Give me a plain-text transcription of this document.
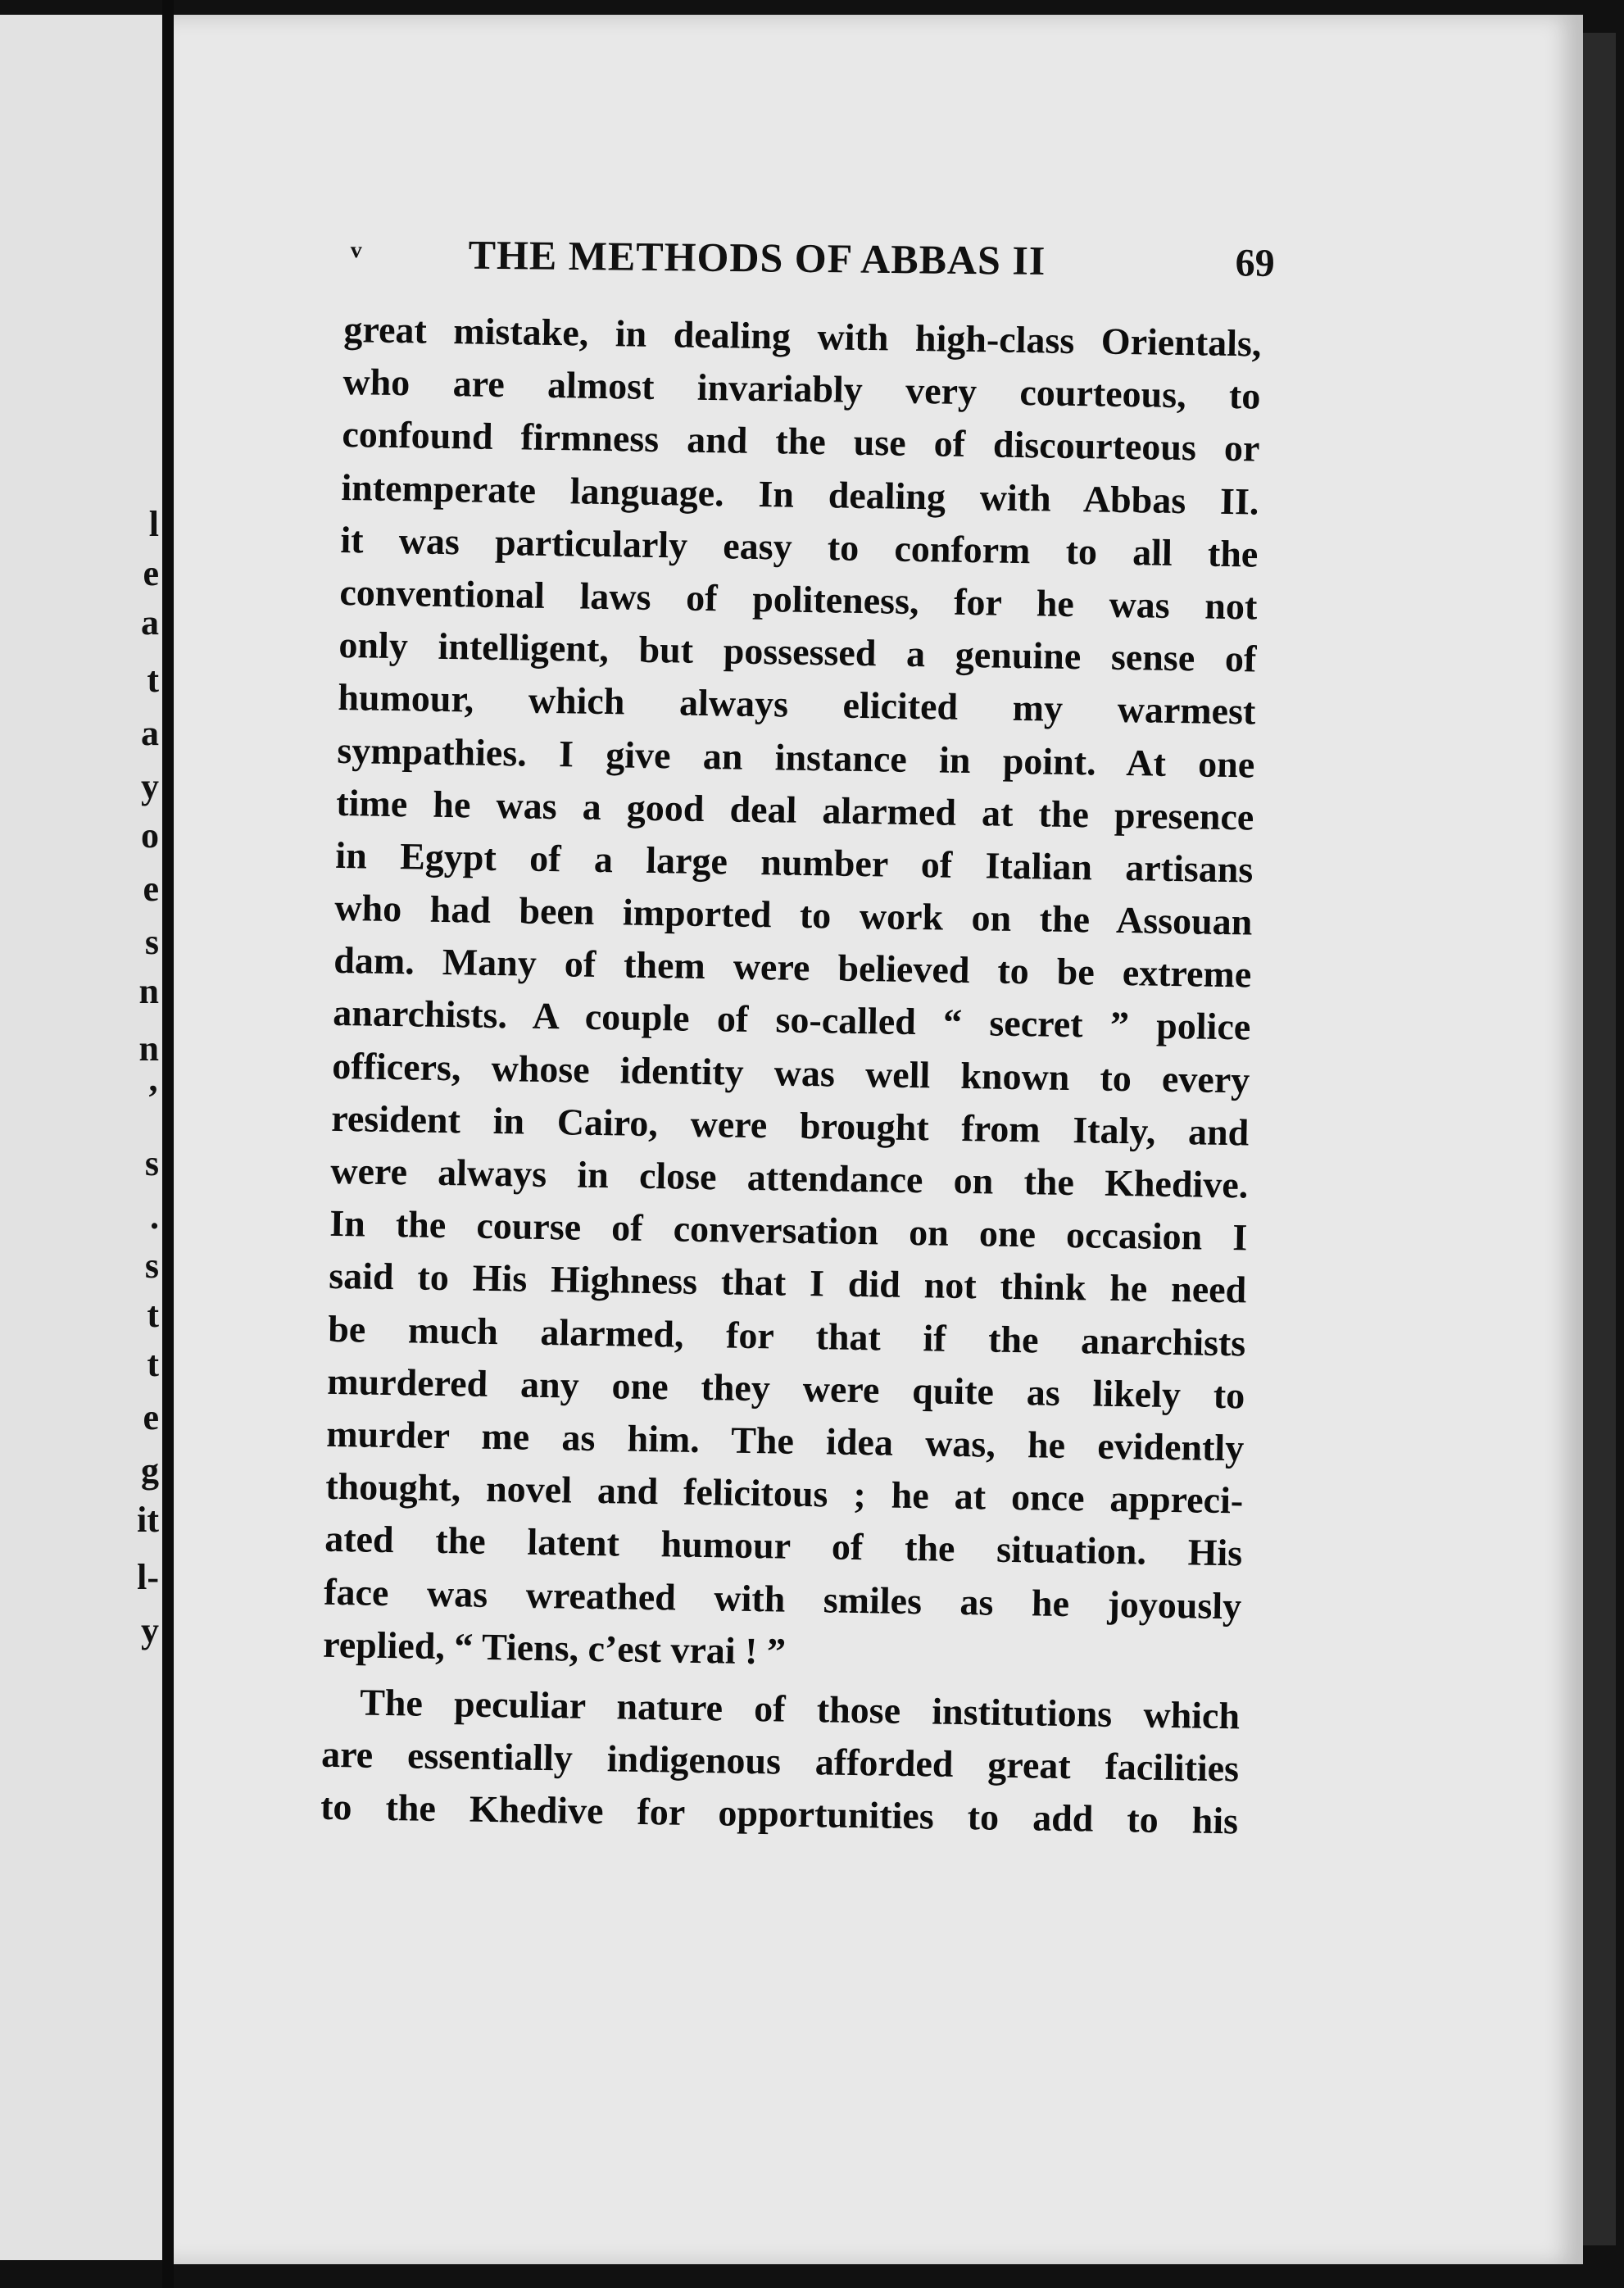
l
e
a
t
a
y
o
e
s
n
n
’
s
.
s
t
t
e
g
it
l-
y
v	THE METHODS OF ABBAS II	69
great mistake, in dealing with high-class Orientals,
who are almost invariably very courteous, to
confound firmness and the use of discourteous or
intemperate language. In dealing with Abbas II.
it was particularly easy to conform to all the
conventional laws of politeness, for he was not
only intelligent, but possessed a genuine sense of
humour, which always elicited my warmest
sympathies. I give an instance in point. At one
time he was a good deal alarmed at the presence
in Egypt of a large number of Italian artisans
who had been imported to work on the Assouan
dam. Many of them were believed to be extreme
anarchists. A couple of so-called “ secret ” police
officers, whose identity was well known to every
resident in Cairo, were brought from Italy, and
were always in close attendance on the Khedive.
In the course of conversation on one occasion I
said to His Highness that I did not think he need
be much alarmed, for that if the anarchists
murdered any one they were quite as likely to
murder me as him. The idea was, he evidently
thought, novel and felicitous ; he at once appreci-
ated the latent humour of the situation. His
face was wreathed with smiles as he joyously
replied, “ Tiens, c’est vrai ! ”
The peculiar nature of those institutions which
are essentially indigenous afforded great facilities
to the Khedive for opportunities to add to his
